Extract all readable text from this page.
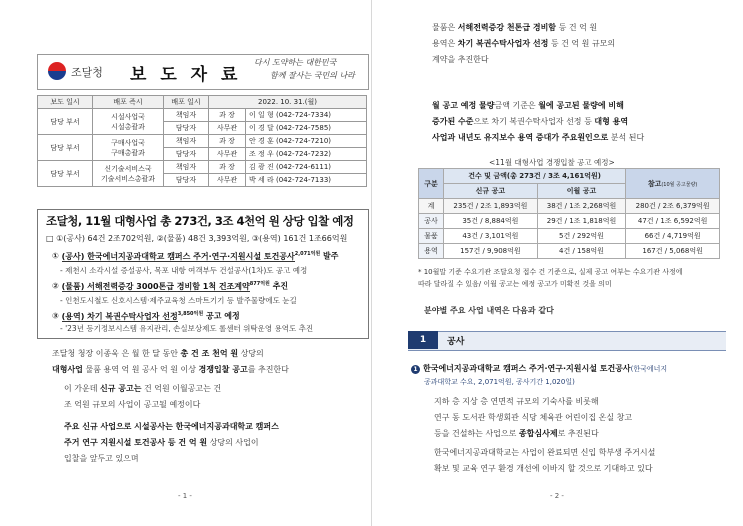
조달청 보 도 자 료
다시 도약하는 대한민국
함께 잘사는 국민의 나라
보도 일시	배포 즉시	배포 일시	2022. 10. 31.(월)	
담당 부서	시설사업국
시설총괄과	책임자	과 장	이 일 형 (042-724-7334)
		담당자	사무관	이 경 달 (042-724-7585)
담당 부서	구매사업국
구매총괄과	책임자	과 장	안 경 훈 (042-724-7210)
		담당자	사무관	조 정 우 (042-724-7232)
담당 부서	신기술서비스국
기술서비스총괄과	책임자	과 장	김 광 진 (042-724-6111)
		담당자	사무관	박 세 라 (042-724-7133)
조달청, 11월 대형사업 총 273건, 3조 4천억 원 상당 입찰 예정
□ ①(공사) 64건 2조702억원, ②(물품) 48건 3,393억원, ③(용역) 161건 1조66억원
① (공사) 한국에너지공과대학교 캠퍼스 주거·연구·지원시설 토건공사$^{2,071억원}$ 발주
- 제천시 소각시설 증설공사, 목포 내항 여객부두 건설공사(1차)도 공고 예정
② (물품) 서해전력증강 3000톤급 경비함 1척 건조계약$^{877억원}$ 추진
- 인천도시철도 신호시스템·제주교육청 스마트기기 등 발주물량에도 눈길
③ (용역) 차기 복권수탁사업자 선정$^{3,850억원}$ 공고 예정
- '23년 등기정보시스템 유지관리, 손실보상제도 롤센터 위탁운영 용역도 추진
조달청 청장 이종욱 은 월 한 달 동안 총 건 조 천억 원 상당의
대형사업 물품 용역 억 원 공사 억 원 이상 경쟁입찰 공고를 추진한다
이 가운데 신규 공고는 건 억원 이월공고는 건
조 억원 규모의 사업이 공고될 예정이다
주요 신규 사업으로 시설공사는 한국에너지공과대학교 캠퍼스
주거 연구 지원시설 토건공사 등 건 억 원 상당의 사업이
입찰을 앞두고 있으며
- 1 -
물품은 서해전력증강 천톤급 경비함 등 건 억 원
용역은 차기 복권수탁사업자 선정 등 건 억 원 규모의
계약을 추진한다
월 공고 예정 물량금액 기준은 월에 공고된 물량에 비해
증가된 수준으로 차기 복권수탁사업자 선정 등 대형 용역
사업과 내년도 유지보수 용역 증대가 주요원인으로 분석 된다
<11월 대형사업 경쟁입찰 공고 예정>
구분	건수 및 금액(총 273건 / 3조 4,161억원)		참고(10월 공고물량)
	신규 공고	이월 공고	
계	235건 / 2조 1,893억원	38건 / 1조 2,268억원	280건 / 2조 6,379억원
공사	35건 / 8,884억원	29건 / 1조 1,818억원	47건 / 1조 6,592억원
물품	43건 / 3,101억원	5건 / 292억원	66건 / 4,719억원
용역	157건 / 9,908억원	4건 / 158억원	167건 / 5,068억원
* 10월말 기준 수요기관 조달요청 접수 건 기준으로, 실제 공고 여부는 수요기관 사정에
따라 달라질 수 있음/ 이월 공고는 예정 공고가 미확진 것을 의미
분야별 주요 사업 내역은 다음과 같다
1	공사
1 한국에너지공과대학교 캠퍼스 주거·연구·지원시설 토건공사(한국에너지
공과대학교 수요, 2,071억원, 공사기간 1,020일)
지하 층 지상 층 연면적 규모의 기숙사를 비롯해
연구 동 도서관 학생회관 식당 체육관 어린이집 온실 창고
등을 건설하는 사업으로 종합심사제로 추진된다
한국에너지공과대학교는 사업이 완료되면 신입 학부생 주거시설
확보 및 교육 연구 환경 개선에 이바지 할 것으로 기대하고 있다
- 2 -
